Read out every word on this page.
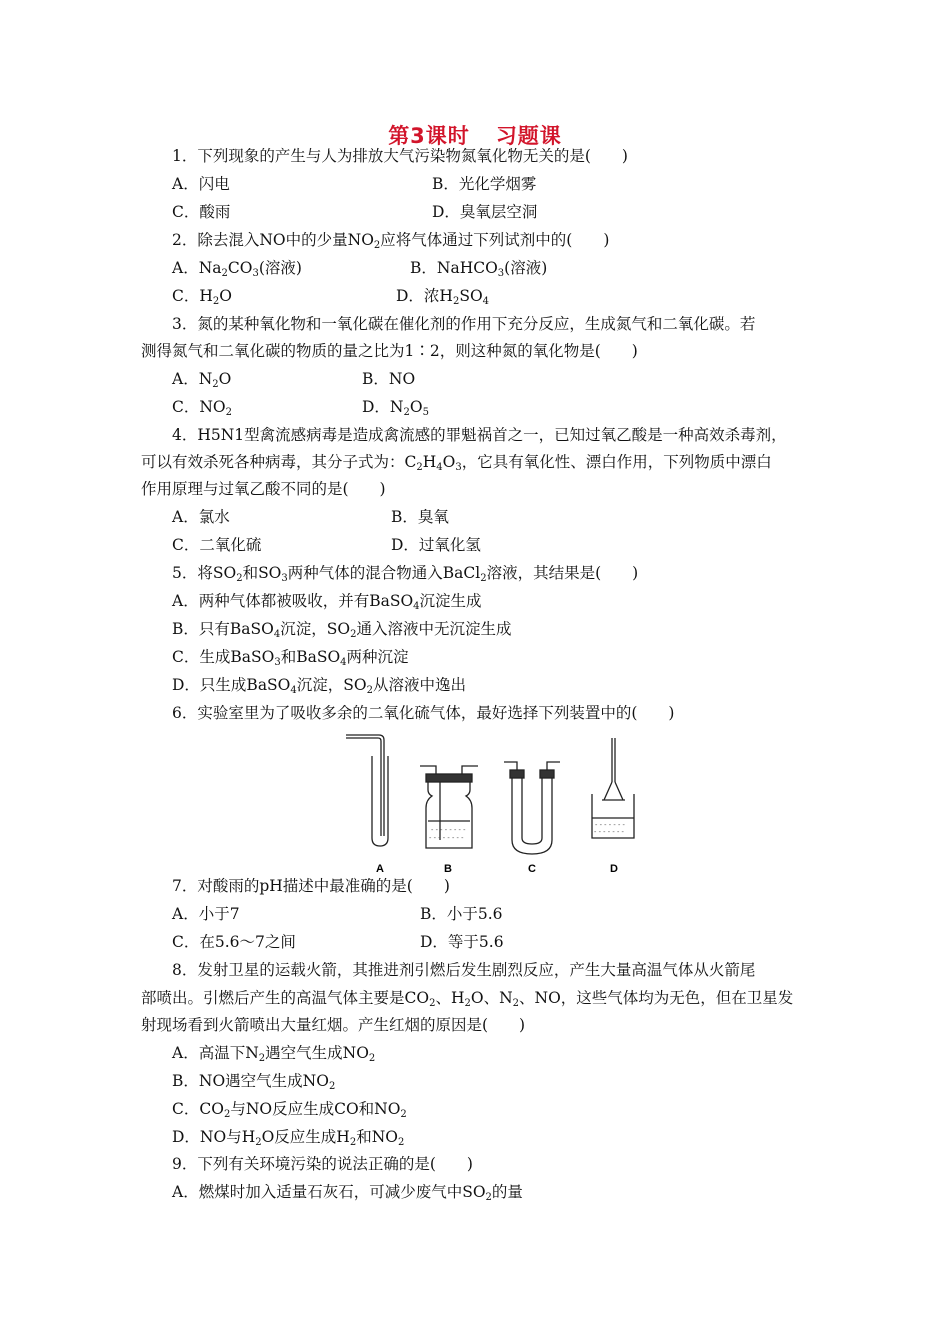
第3课时 习题课
1．下列现象的产生与人为排放大气污染物氮氧化物无关的是(　　)
A．闪电	B．光化学烟雾
C．酸雨	D．臭氧层空洞
2．除去混入NO中的少量$NO_2$应将气体通过下列试剂中的(　　)
A．$Na_2CO_3$(溶液)	B．NaHCO$_3$(溶液)
C．$H_2O$	D．浓$H_2SO_4$
3．氮的某种氧化物和一氧化碳在催化剂的作用下充分反应，生成氮气和二氧化碳。若
测得氮气和二氧化碳的物质的量之比为1∶2，则这种氮的氧化物是(　　)
A．$N_2O$	B．NO
C．$NO_2$	D．$N_2O_5$
4．H5N1型禽流感病毒是造成禽流感的罪魁祸首之一，已知过氧乙酸是一种高效杀毒剂，
可以有效杀死各种病毒，其分子式为：$C_2H_4O_3$，它具有氧化性、漂白作用，下列物质中漂白
作用原理与过氧乙酸不同的是(　　)
A．氯水	B．臭氧
C．二氧化硫	D．过氧化氢
5．将$SO_2$和$SO_3$两种气体的混合物通入BaCl$_2$溶液，其结果是(　　)
A．两种气体都被吸收，并有BaSO$_4$沉淀生成
B．只有BaSO$_4$沉淀，$SO_2$通入溶液中无沉淀生成
C．生成BaSO$_3$和BaSO$_4$两种沉淀
D．只生成BaSO$_4$沉淀，$SO_2$从溶液中逸出
6．实验室里为了吸收多余的二氧化硫气体，最好选择下列装置中的(　　)
- - - - - - - -
- - - - - - - -
- - - - - - -
- - - - - - -
A	B	C	D
7．对酸雨的pH描述中最准确的是(　　)
A．小于7	B．小于5.6
C．在5.6～7之间	D．等于5.6
8．发射卫星的运载火箭，其推进剂引燃后发生剧烈反应，产生大量高温气体从火箭尾
部喷出。引燃后产生的高温气体主要是$CO_2$、$H_2O$、$N_2$、NO，这些气体均为无色，但在卫星发
射现场看到火箭喷出大量红烟。产生红烟的原因是(　　)
A．高温下$N_2$遇空气生成$NO_2$
B．NO遇空气生成$NO_2$
C．$CO_2$与NO反应生成CO和$NO_2$
D．NO与$H_2O$反应生成$H_2$和$NO_2$
9．下列有关环境污染的说法正确的是(　　)
A．燃煤时加入适量石灰石，可减少废气中$SO_2$的量
